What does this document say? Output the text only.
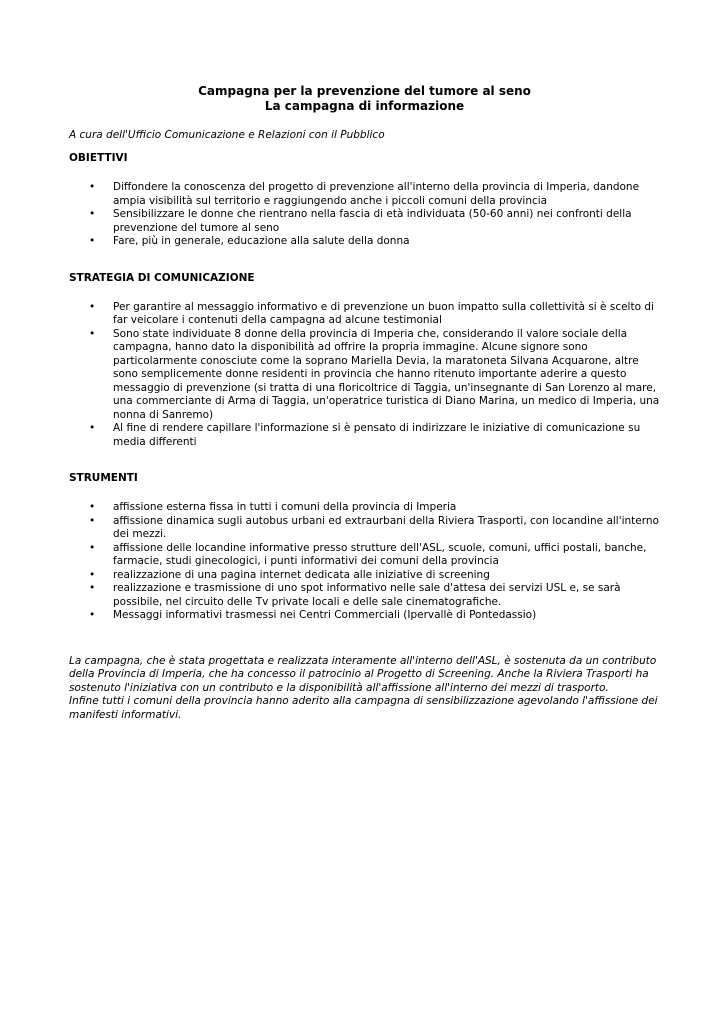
Campagna per la prevenzione del tumore al seno
La campagna di informazione

A cura dell'Ufficio Comunicazione e Relazioni con il Pubblico

OBIETTIVI
• Diffondere la conoscenza del progetto di prevenzione all'interno della provincia di Imperia, dandone ampia visibilità sul territorio e raggiungendo anche i piccoli comuni della provincia
• Sensibilizzare le donne che rientrano nella fascia di età individuata (50-60 anni) nei confronti della prevenzione del tumore al seno
• Fare, più in generale, educazione alla salute della donna
STRATEGIA DI COMUNICAZIONE
• Per garantire al messaggio informativo e di prevenzione un buon impatto sulla collettività si è scelto di far veicolare i contenuti della campagna ad alcune testimonial
• Sono state individuate 8 donne della provincia di Imperia che, considerando il valore sociale della campagna, hanno dato la disponibilità ad offrire la propria immagine. Alcune signore sono particolarmente conosciute come la soprano Mariella Devia, la maratoneta Silvana Acquarone, altre sono semplicemente donne residenti in provincia che hanno ritenuto importante aderire a questo messaggio di prevenzione (si tratta di una floricoltrice di Taggia, un'insegnante di San Lorenzo al mare, una commerciante di Arma di Taggia, un'operatrice turistica di Diano Marina, un medico di Imperia, una nonna di Sanremo)
• Al fine di rendere capillare l'informazione si è pensato di indirizzare le iniziative di comunicazione su media differenti
STRUMENTI
• affissione esterna fissa in tutti i comuni della provincia di Imperia
• affissione dinamica sugli autobus urbani ed extraurbani della Riviera Trasporti, con locandine all'interno dei mezzi.
• affissione delle locandine informative presso strutture dell'ASL, scuole, comuni, uffici postali, banche, farmacie, studi ginecologici, i punti informativi dei comuni della provincia
• realizzazione di una pagina internet dedicata alle iniziative di screening
• realizzazione e trasmissione di uno spot informativo nelle sale d'attesa dei servizi USL e, se sarà possibile, nel circuito delle Tv private locali e delle sale cinematografiche.
• Messaggi informativi trasmessi nei Centri Commerciali (Ipervallè di Pontedassio)

La campagna, che è stata progettata e realizzata interamente all'interno dell'ASL, è sostenuta da un contributo della Provincia di Imperia, che ha concesso il patrocinio al Progetto di Screening. Anche la Riviera Trasporti ha sostenuto l'iniziativa con un contributo e la disponibilità all'affissione all'interno dei mezzi di trasporto.

Infine tutti i comuni della provincia hanno aderito alla campagna di sensibilizzazione agevolando l'affissione dei manifesti informativi.
